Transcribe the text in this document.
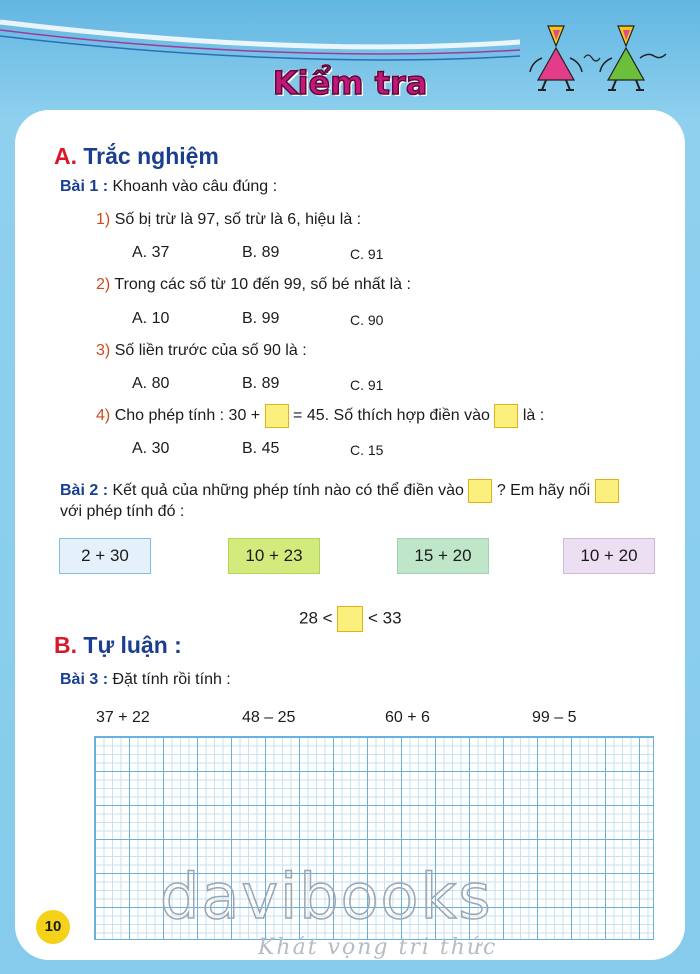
Kiểm tra
A. Trắc nghiệm
Bài 1 : Khoanh vào câu đúng :
1) Số bị trừ là 97, số trừ là 6, hiệu là :
A. 37	B. 89	C. 91
2) Trong các số từ 10 đến 99, số bé nhất là :
A. 10	B. 99	C. 90
3) Số liền trước của số 90 là :
A. 80	B. 89	C. 91
4) Cho phép tính : 30 + = 45. Số thích hợp điền vào là :
A. 30	B. 45	C. 15
Bài 2 : Kết quả của những phép tính nào có thể điền vào ? Em hãy nối
với phép tính đó :
2 + 30	10 + 23	15 + 20	10 + 20
28 < < 33
B. Tự luận :
Bài 3 : Đặt tính rồi tính :
37 + 22	48 – 25	60 + 6	99 – 5
10 davibooks
Khát vọng tri thức
